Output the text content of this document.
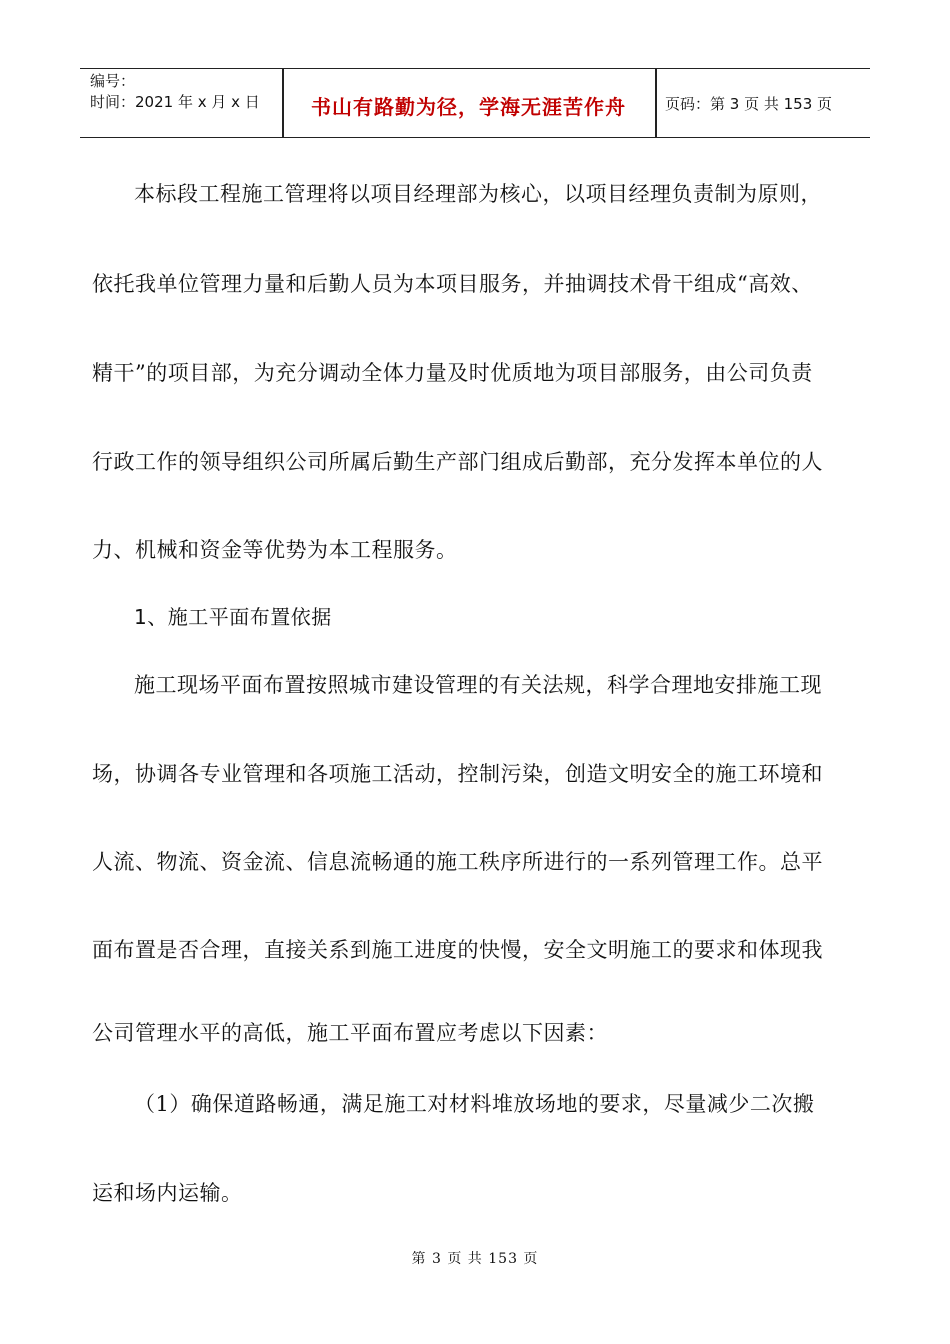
编号：
时间：2021 年 x 月 x 日	书山有路勤为径，学海无涯苦作舟	页码：第 3 页 共 153 页
本标段工程施工管理将以项目经理部为核心，以项目经理负责制为原则，
依托我单位管理力量和后勤人员为本项目服务，并抽调技术骨干组成“高效、
精干”的项目部，为充分调动全体力量及时优质地为项目部服务，由公司负责
行政工作的领导组织公司所属后勤生产部门组成后勤部，充分发挥本单位的人
力、机械和资金等优势为本工程服务。
1、施工平面布置依据
施工现场平面布置按照城市建设管理的有关法规，科学合理地安排施工现
场，协调各专业管理和各项施工活动，控制污染，创造文明安全的施工环境和
人流、物流、资金流、信息流畅通的施工秩序所进行的一系列管理工作。总平
面布置是否合理，直接关系到施工进度的快慢，安全文明施工的要求和体现我
公司管理水平的高低，施工平面布置应考虑以下因素：
（1）确保道路畅通，满足施工对材料堆放场地的要求，尽量减少二次搬
运和场内运输。
第 3 页 共 153 页
